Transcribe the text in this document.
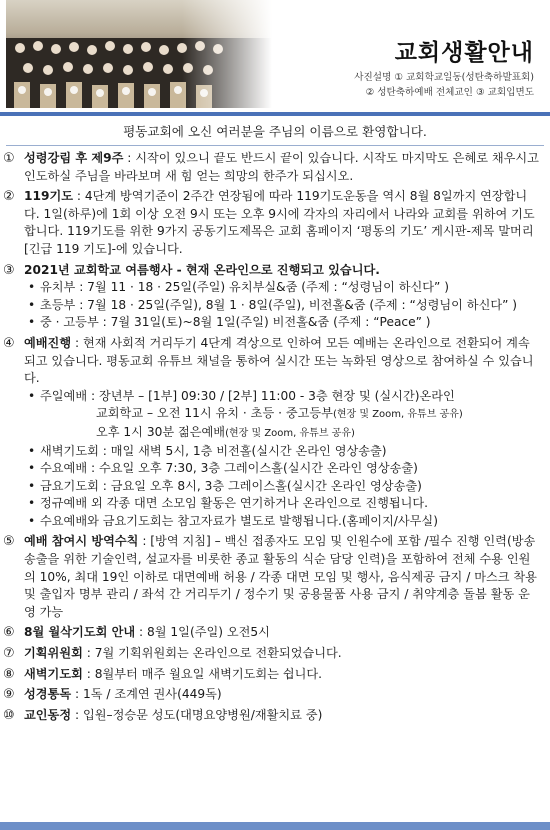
교회생활안내
사진설명 ① 교회학교일동(성탄축하발표회)
② 성탄축하예배 전체교인 ③ 교회입면도
평동교회에 오신 여러분을 주님의 이름으로 환영합니다.
① 성령강림 후 제9주 : 시작이 있으니 끝도 반드시 끝이 있습니다. 시작도 마지막도 은혜로 채우시고 인도하실 주님을 바라보며 새 힘 얻는 희망의 한주가 되십시오.
② 119기도 : 4단계 방역기준이 2주간 연장됨에 따라 119기도운동을 역시 8월 8일까지 연장합니다. 1일(하루)에 1회 이상 오전 9시 또는 오후 9시에 각자의 자리에서 나라와 교회를 위하여 기도합니다. 119기도를 위한 9가지 공동기도제목은 교회 홈페이지 ‘평동의 기도’ 게시판-제목 말머리 [긴급 119 기도]-에 있습니다.
③ 2021년 교회학교 여름행사 - 현재 온라인으로 진행되고 있습니다.
• 유치부 : 7월 11 · 18 · 25일(주일) 유치부실&줌 (주제 : “성령님이 하신다” )
• 초등부 : 7월 18 · 25일(주일), 8월 1 · 8일(주일), 비전홀&줌 (주제 : “성령님이 하신다” )
• 중 · 고등부 : 7월 31일(토)~8월 1일(주일) 비전홀&줌 (주제 : “Peace” )
④ 예배진행 : 현재 사회적 거리두기 4단계 격상으로 인하여 모든 예배는 온라인으로 전환되어 계속되고 있습니다. 평동교회 유튜브 채널을 통하여 실시간 또는 녹화된 영상으로 참여하실 수 있습니다.
• 주일예배 : 장년부 – [1부] 09:30 / [2부] 11:00 - 3층 현장 및 (실시간)온라인
교회학교 – 오전 11시 유치 · 초등 · 중고등부(현장 및 Zoom, 유튜브 공유)
오후 1시 30분 젊은예배(현장 및 Zoom, 유튜브 공유)
• 새벽기도회 : 매일 새벽 5시, 1층 비전홀(실시간 온라인 영상송출)
• 수요예배 : 수요일 오후 7:30, 3층 그레이스홀(실시간 온라인 영상송출)
• 금요기도회 : 금요일 오후 8시, 3층 그레이스홀(실시간 온라인 영상송출)
• 정규예배 외 각종 대면 소모임 활동은 연기하거나 온라인으로 진행됩니다.
• 수요예배와 금요기도회는 참고자료가 별도로 발행됩니다.(홈페이지/사무실)
⑤ 예배 참여시 방역수칙 : [방역 지침] – 백신 접종자도 모임 및 인원수에 포함 /필수 진행 인력(방송 송출을 위한 기술인력, 설교자를 비롯한 종교 활동의 식순 담당 인력)을 포함하여 전체 수용 인원의 10%, 최대 19인 이하로 대면예배 허용 / 각종 대면 모임 및 행사, 음식제공 금지 / 마스크 착용 및 출입자 명부 관리 / 좌석 간 거리두기 / 정수기 및 공용물품 사용 금지 / 취약계층 돌봄 활동 운영 가능
⑥ 8월 월삭기도회 안내 : 8월 1일(주일) 오전5시
⑦ 기획위원회 : 7월 기획위원회는 온라인으로 전환되었습니다.
⑧ 새벽기도회 : 8월부터 매주 월요일 새벽기도회는 쉽니다.
⑨ 성경통독 : 1독 / 조계연 권사(449독)
⑩ 교인동정 : 입원–정승문 성도(대명요양병원/재활치료 중)
